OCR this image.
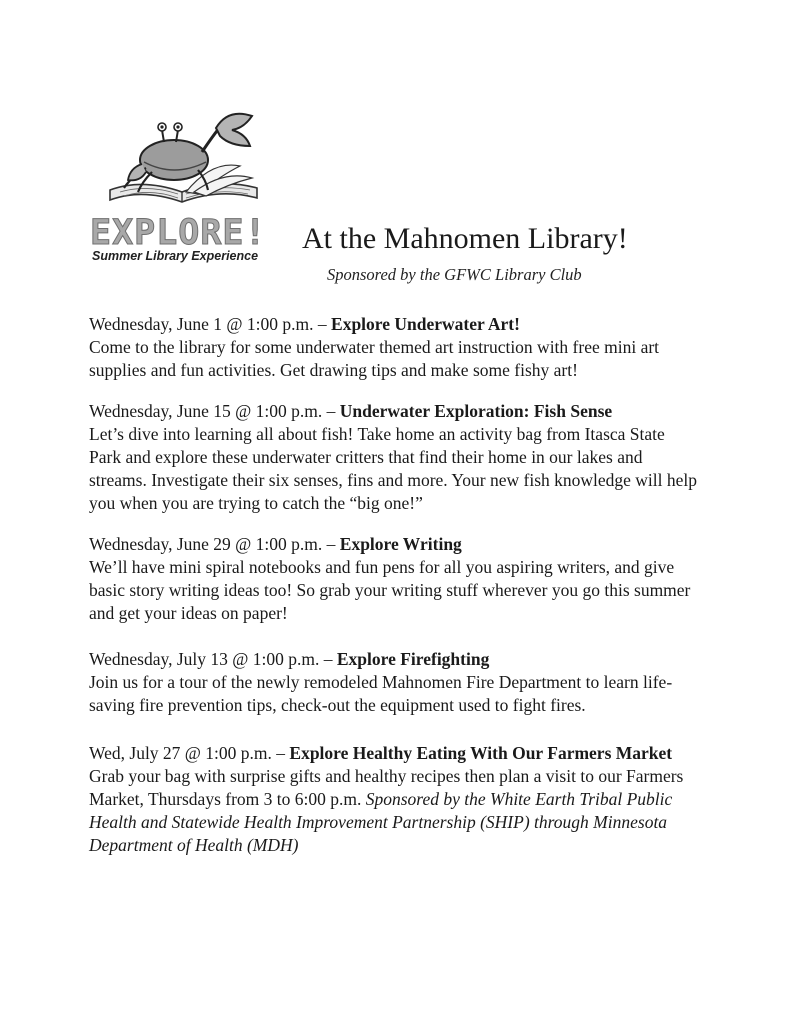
EXPLORE!

Summer Library Experience
At the Mahnomen Library!

Sponsored by the GFWC Library Club

Wednesday, June 1 @ 1:00 p.m. – Explore Underwater Art!

Come to the library for some underwater themed art instruction with free mini art supplies and fun activities. Get drawing tips and make some fishy art!

Wednesday, June 15 @ 1:00 p.m. – Underwater Exploration: Fish Sense

Let’s dive into learning all about fish! Take home an activity bag from Itasca State Park and explore these underwater critters that find their home in our lakes and streams. Investigate their six senses, fins and more. Your new fish knowledge will help you when you are trying to catch the “big one!”

Wednesday, June 29 @ 1:00 p.m. – Explore Writing

We’ll have mini spiral notebooks and fun pens for all you aspiring writers, and give basic story writing ideas too! So grab your writing stuff wherever you go this summer and get your ideas on paper!

Wednesday, July 13 @ 1:00 p.m. – Explore Firefighting

Join us for a tour of the newly remodeled Mahnomen Fire Department to learn life-saving fire prevention tips, check-out the equipment used to fight fires.

Wed, July 27 @ 1:00 p.m. – Explore Healthy Eating With Our Farmers Market

Grab your bag with surprise gifts and healthy recipes then plan a visit to our Farmers Market, Thursdays from 3 to 6:00 p.m. Sponsored by the White Earth Tribal Public Health and Statewide Health Improvement Partnership (SHIP) through Minnesota Department of Health (MDH)
